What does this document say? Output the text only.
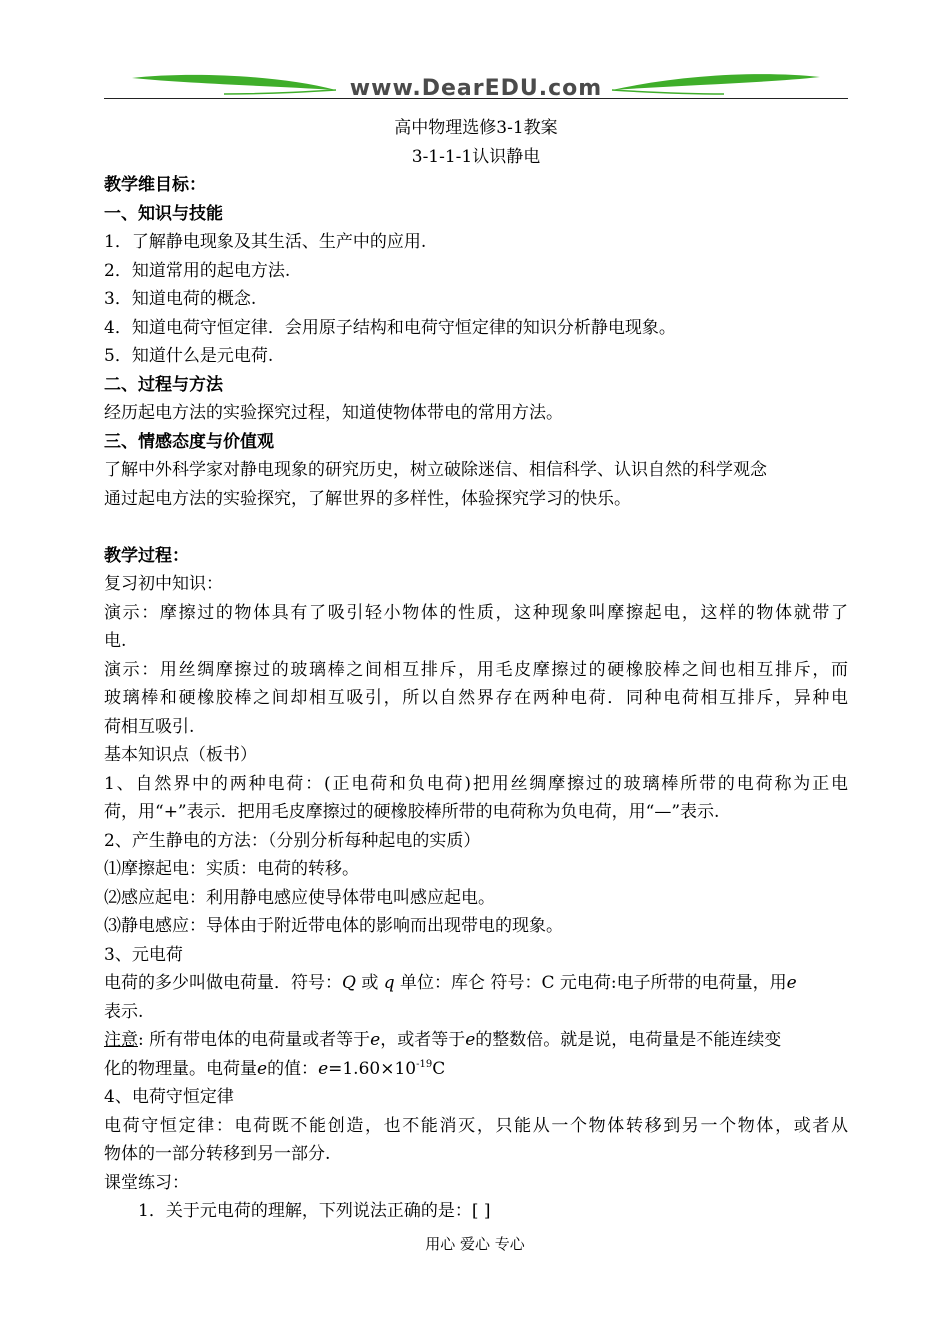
www.DearEDU.com
高中物理选修3-1教案
3-1-1-1认识静电
教学维目标：
一、知识与技能
1．了解静电现象及其生活、生产中的应用.
2．知道常用的起电方法.
3．知道电荷的概念.
4．知道电荷守恒定律．会用原子结构和电荷守恒定律的知识分析静电现象。
5．知道什么是元电荷.
二、过程与方法
经历起电方法的实验探究过程，知道使物体带电的常用方法。
三、情感态度与价值观
了解中外科学家对静电现象的研究历史，树立破除迷信、相信科学、认识自然的科学观念
通过起电方法的实验探究，了解世界的多样性，体验探究学习的快乐。
教学过程：
复习初中知识：
演示：摩擦过的物体具有了吸引轻小物体的性质，这种现象叫摩擦起电，这样的物体就带了
电.
演示：用丝绸摩擦过的玻璃棒之间相互排斥，用毛皮摩擦过的硬橡胶棒之间也相互排斥，而
玻璃棒和硬橡胶棒之间却相互吸引，所以自然界存在两种电荷．同种电荷相互排斥，异种电
荷相互吸引.
基本知识点（板书）
1、自然界中的两种电荷：(正电荷和负电荷)把用丝绸摩擦过的玻璃棒所带的电荷称为正电
荷，用“+”表示．把用毛皮摩擦过的硬橡胶棒所带的电荷称为负电荷，用“—”表示.
2、产生静电的方法：（分别分析每种起电的实质）
⑴摩擦起电：实质：电荷的转移。
⑵感应起电：利用静电感应使导体带电叫感应起电。
⑶静电感应：导体由于附近带电体的影响而出现带电的现象。
3、元电荷
电荷的多少叫做电荷量．符号：Q 或 q 单位：库仑 符号：C 元电荷:电子所带的电荷量，用e
表示.
注意: 所有带电体的电荷量或者等于e，或者等于e的整数倍。就是说，电荷量是不能连续变
化的物理量。电荷量e的值：$e=1.60\times 10^{-19}C$
4、电荷守恒定律
电荷守恒定律：电荷既不能创造，也不能消灭，只能从一个物体转移到另一个物体，或者从
物体的一部分转移到另一部分.
课堂练习：
1．关于元电荷的理解，下列说法正确的是：[ ]
用心 爱心 专心
